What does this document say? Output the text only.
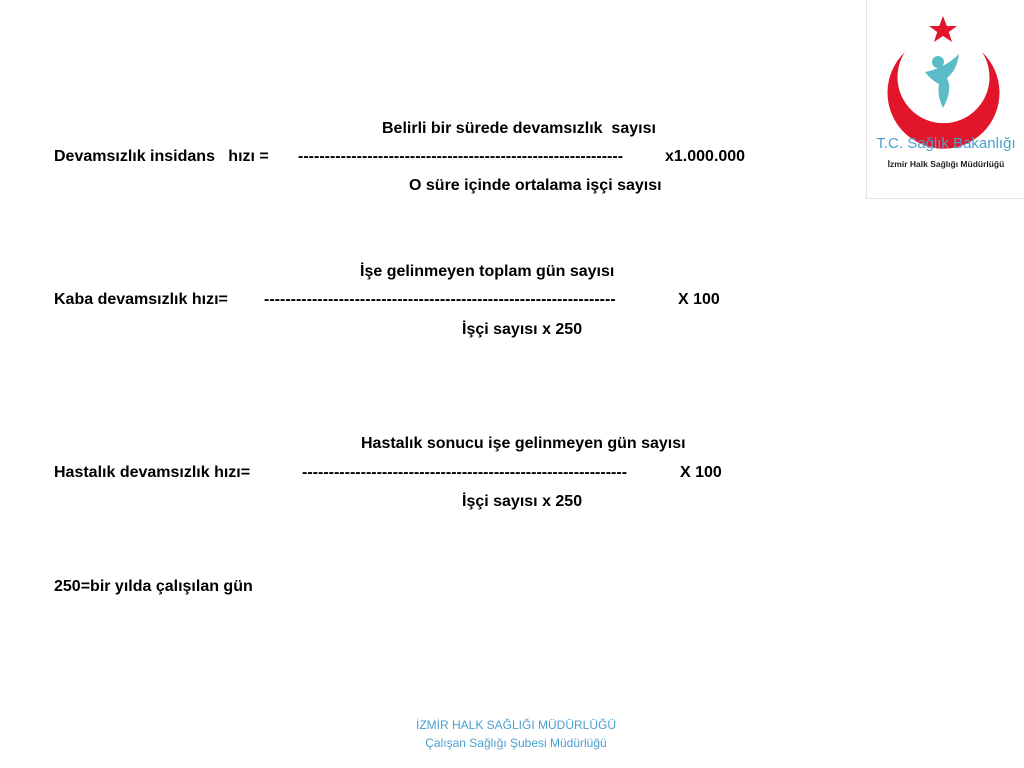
T.C. Sağlık Bakanlığı
İzmir Halk Sağlığı Müdürlüğü
Belirli bir sürede devamsızlık  sayısı
Devamsızlık insidans   hızı = -------------------------------------------------------------	x1.000.000
O süre içinde ortalama işçi sayısı
İşe gelinmeyen toplam gün sayısı
Kaba devamsızlık hızı= ------------------------------------------------------------------	X 100
İşçi sayısı x 250
Hastalık sonucu işe gelinmeyen gün sayısı
Hastalık devamsızlık hızı=	-------------------------------------------------------------	X 100
İşçi sayısı x 250
250=bir yılda çalışılan gün
İZMİR HALK SAĞLIĞI MÜDÜRLÜĞÜ
Çalışan Sağlığı Şubesi Müdürlüğü
